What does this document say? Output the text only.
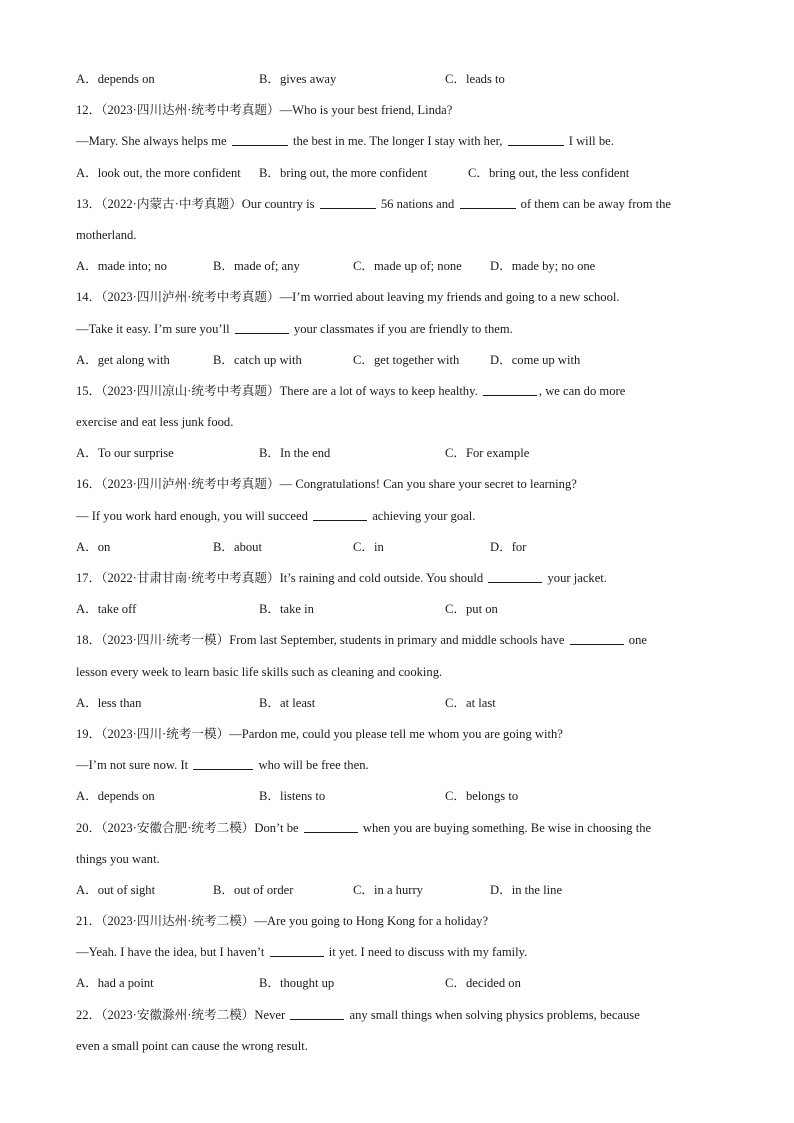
A．depends on	B．gives away	C．leads to
12．（2023·四川达州·统考中考真题）—Who is your best friend, Linda?
—Mary. She always helps me	the best in me. The longer I stay with her,	I will be.
A．look out, the more confident B．bring out, the more confident	C．bring out, the less confident
13．（2022·内蒙古·中考真题）Our country is	56 nations and	of them can be away from the
motherland.
A．made into; no	B．made of; any	C．made up of; none D．made by; no one
14．（2023·四川泸州·统考中考真题）—I’m worried about leaving my friends and going to a new school.
—Take it easy. I’m sure you’ll	your classmates if you are friendly to them.
A．get along with	B．catch up with	C．get together with D．come up with
15．（2023·四川凉山·统考中考真题）There are a lot of ways to keep healthy.	, we can do more
exercise and eat less junk food.
A．To our surprise	B．In the end	C．For example
16．（2023·四川泸州·统考中考真题）— Congratulations! Can you share your secret to learning?
— If you work hard enough, you will succeed	achieving your goal.
A．on	B．about	C．in	D．for
17．（2022·甘肃甘南·统考中考真题）It’s raining and cold outside. You should	your jacket.
A．take off	B．take in	C．put on
18．（2023·四川·统考一模）From last September, students in primary and middle schools have	one
lesson every week to learn basic life skills such as cleaning and cooking.
A．less than	B．at least	C．at last
19．（2023·四川·统考一模）—Pardon me, could you please tell me whom you are going with?
—I’m not sure now. It	who will be free then.
A．depends on	B．listens to	C．belongs to
20．（2023·安徽合肥·统考二模）Don’t be	when you are buying something. Be wise in choosing the
things you want.
A．out of sight	B．out of order	C．in a hurry	D．in the line
21．（2023·四川达州·统考二模）—Are you going to Hong Kong for a holiday?
—Yeah. I have the idea, but I haven’t	it yet. I need to discuss with my family.
A．had a point	B．thought up	C．decided on
22．（2023·安徽滁州·统考二模）Never	any small things when solving physics problems, because
even a small point can cause the wrong result.
